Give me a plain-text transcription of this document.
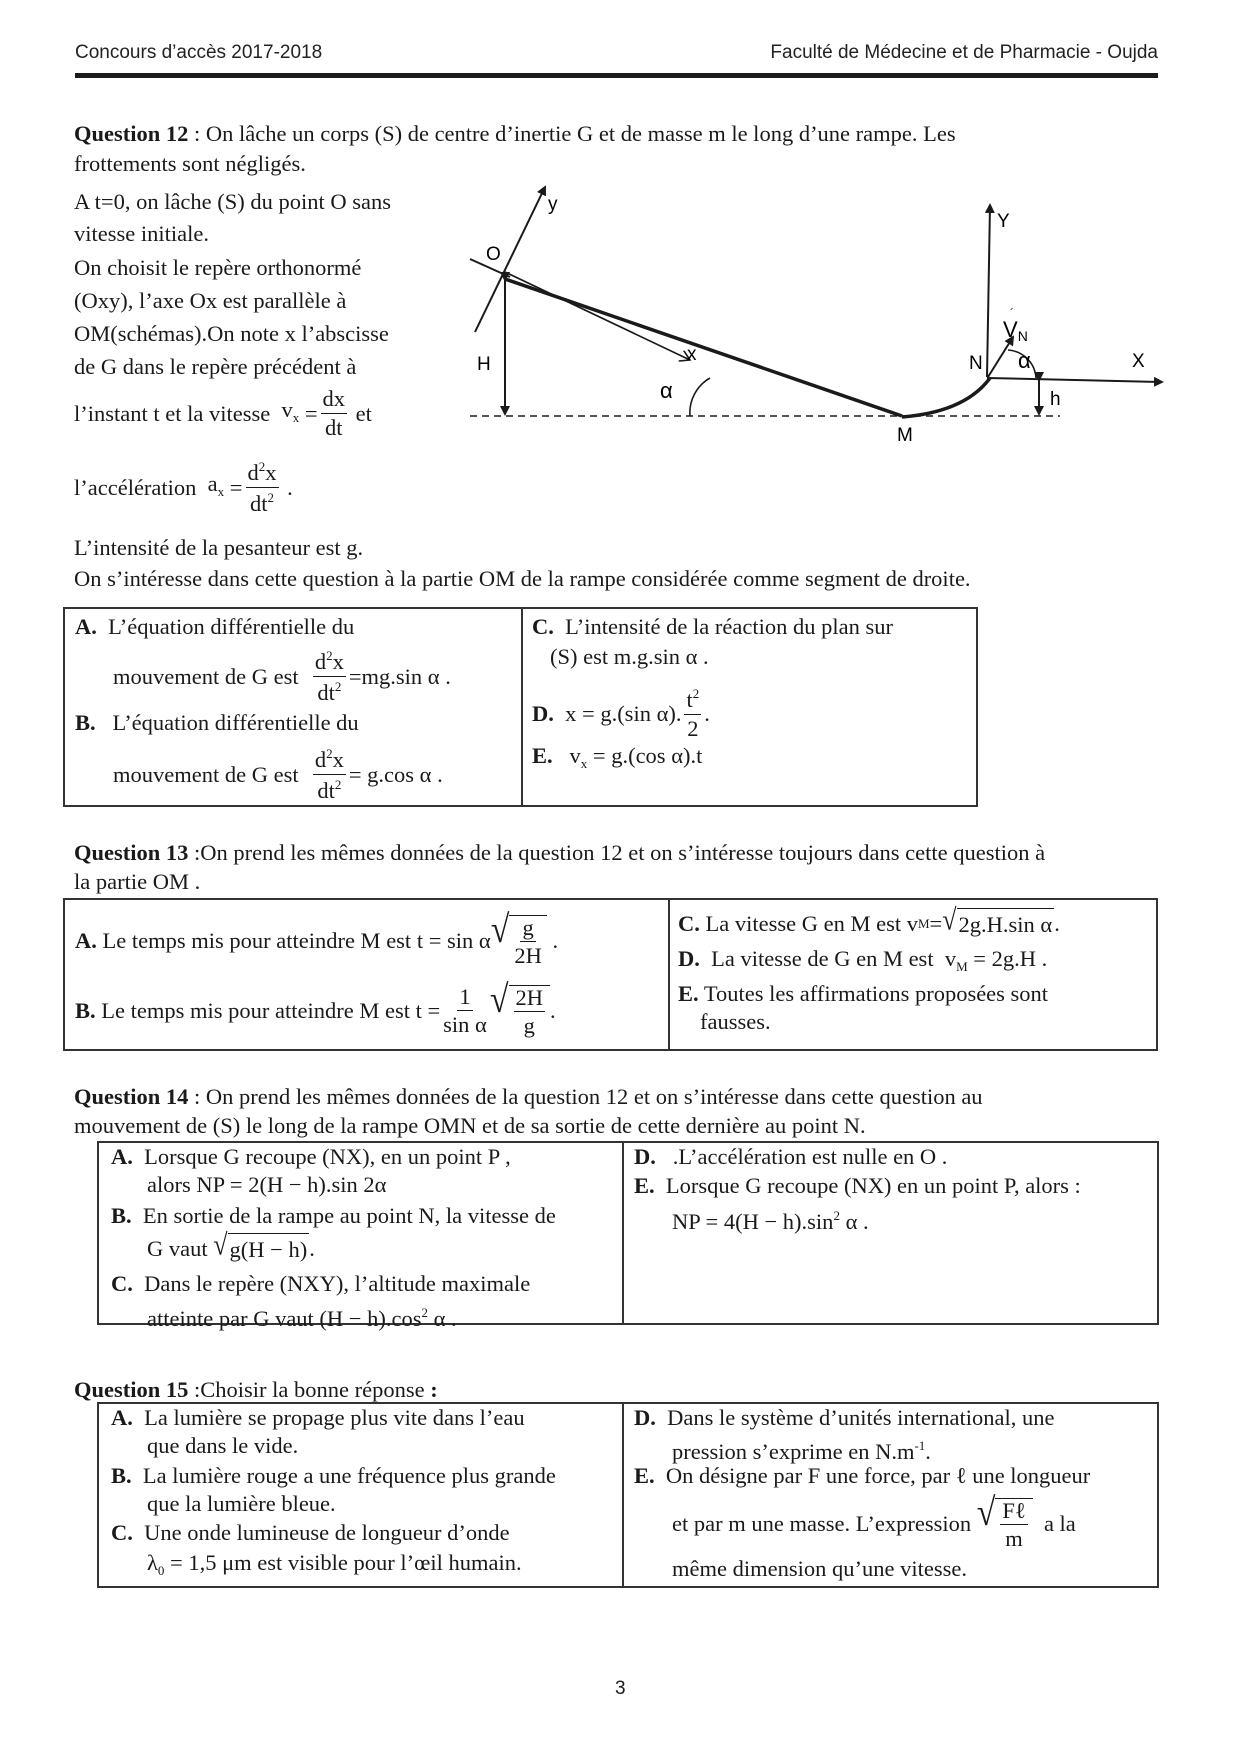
Concours d’accès 2017-2018	Faculté de Médecine et de Pharmacie - Oujda
Question 12 : On lâche un corps (S) de centre d’inertie G et de masse m le long d’une rampe. Les
frottements sont négligés.
A t=0, on lâche (S) du point O sans
vitesse initiale.
On choisit le repère orthonormé
(Oxy), l’axe Ox est parallèle à
OM(schémas).On note x l’abscisse
de G dans le repère précédent à
l’instant t et la vitesse
$v_x = \frac{dx}{dt}$
et
l’accélération
$a_x = \frac{d^2x}{dt^2}$ .
L’intensité de la pesanteur est g.
On s’intéresse dans cette question à la partie OM de la rampe considérée comme segment de droite.
y
O
H	x
α
M
Y
N
VN
´
α	X
h
A. L’équation différentielle du
mouvement de G est
$\frac{d^2x}{dt^2} =mg.\sin$ α .
B. L’équation différentielle du
mouvement de G est
$\frac{d^2x}{dt^2} = g.\cos$ α .
C. L’intensité de la réaction du plan sur
(S) est m.g.sin α .
D.
x = g.(sin α). $\frac{t^2}{2}$ .
E. $v_x = g.(\cos$ α).t
Question 13 :On prend les mêmes données de la question 12 et on s’intéresse toujours dans cette question à
la partie OM .
A.
Le temps mis pour atteindre M est
t = sin α √ $\frac{g}{2H}$
.
B.
Le temps mis pour atteindre M est
$t = \frac{1}{\text{sin α}}$ √ $\frac{2H}{g}$ .
C.
La vitesse G en M est
v M = √ 2g.H.sin α .
D. La vitesse de G en M est $v_M = 2g.H$ .
E. Toutes les affirmations proposées sont
fausses.
Question 14 : On prend les mêmes données de la question 12 et on s’intéresse dans cette question au
mouvement de (S) le long de la rampe OMN et de sa sortie de cette dernière au point N.
A. Lorsque G recoupe (NX), en un point P ,
alors NP = 2(H − h).sin 2α
B. En sortie de la rampe au point N, la vitesse de
G vaut
√ g(H − h) .
C. Dans le repère (NXY), l’altitude maximale
atteinte par G vaut $(H - h).\cos^2$ α .
D. .L’accélération est nulle en O .
E. Lorsque G recoupe (NX) en un point P, alors :
NP = $4(H - h).\sin^2$ α .
Question 15 :Choisir la bonne réponse :
A. La lumière se propage plus vite dans l’eau
que dans le vide.
B. La lumière rouge a une fréquence plus grande
que la lumière bleue.
C. Une onde lumineuse de longueur d’onde
$\lambda_0 = 1,5$ μm est visible pour l’œil humain.
D. Dans le système d’unités international, une
pression s’exprime en $N.m^{-1}$.
E. On désigne par F une force, par ℓ une longueur
et par m une masse. L’expression
√ $\frac{\text{Fℓ}}{m}$
a la
même dimension qu’une vitesse.
3
